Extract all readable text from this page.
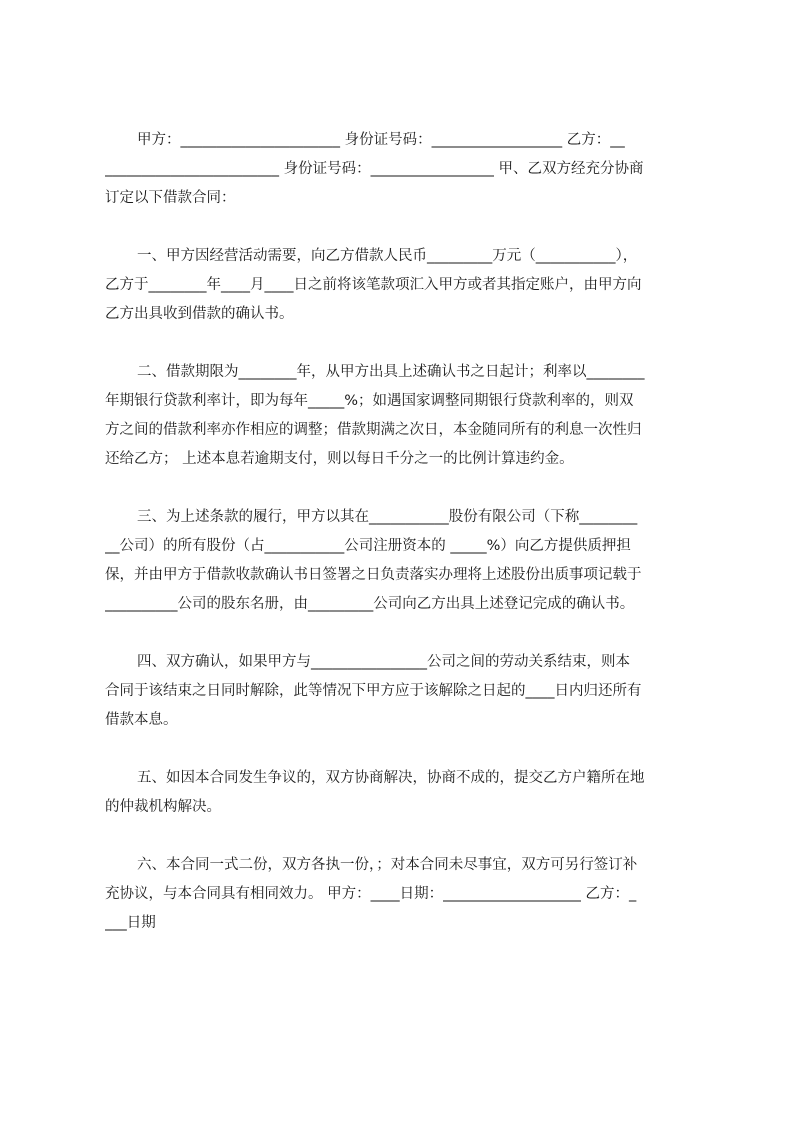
甲方：______________________ 身份证号码：__________________ 乙方：__
________________________ 身份证号码：_________________ 甲、乙双方经充分协商
订定以下借款合同：
一、甲方因经营活动需要，向乙方借款人民币_________万元（___________），
乙方于________年____月____日之前将该笔款项汇入甲方或者其指定账户，由甲方向
乙方出具收到借款的确认书。
二、借款期限为________年，从甲方出具上述确认书之日起计；利率以________
年期银行贷款利率计，即为每年_____%；如遇国家调整同期银行贷款利率的，则双
方之间的借款利率亦作相应的调整；借款期满之次日，本金随同所有的利息一次性归
还给乙方； 上述本息若逾期支付，则以每日千分之一的比例计算违约金。
三、为上述条款的履行，甲方以其在___________股份有限公司（下称________
__公司）的所有股份（占___________公司注册资本的 _____%）向乙方提供质押担
保，并由甲方于借款收款确认书日签署之日负责落实办理将上述股份出质事项记载于
__________公司的股东名册，由_________公司向乙方出具上述登记完成的确认书。
四、双方确认，如果甲方与________________公司之间的劳动关系结束，则本
合同于该结束之日同时解除，此等情况下甲方应于该解除之日起的____日内归还所有
借款本息。
五、如因本合同发生争议的，双方协商解决，协商不成的，提交乙方户籍所在地
的仲裁机构解决。
六、本合同一式二份，双方各执一份，；对本合同未尽事宜，双方可另行签订补
充协议，与本合同具有相同效力。 甲方：____日期：___________________ 乙方：_
___日期
